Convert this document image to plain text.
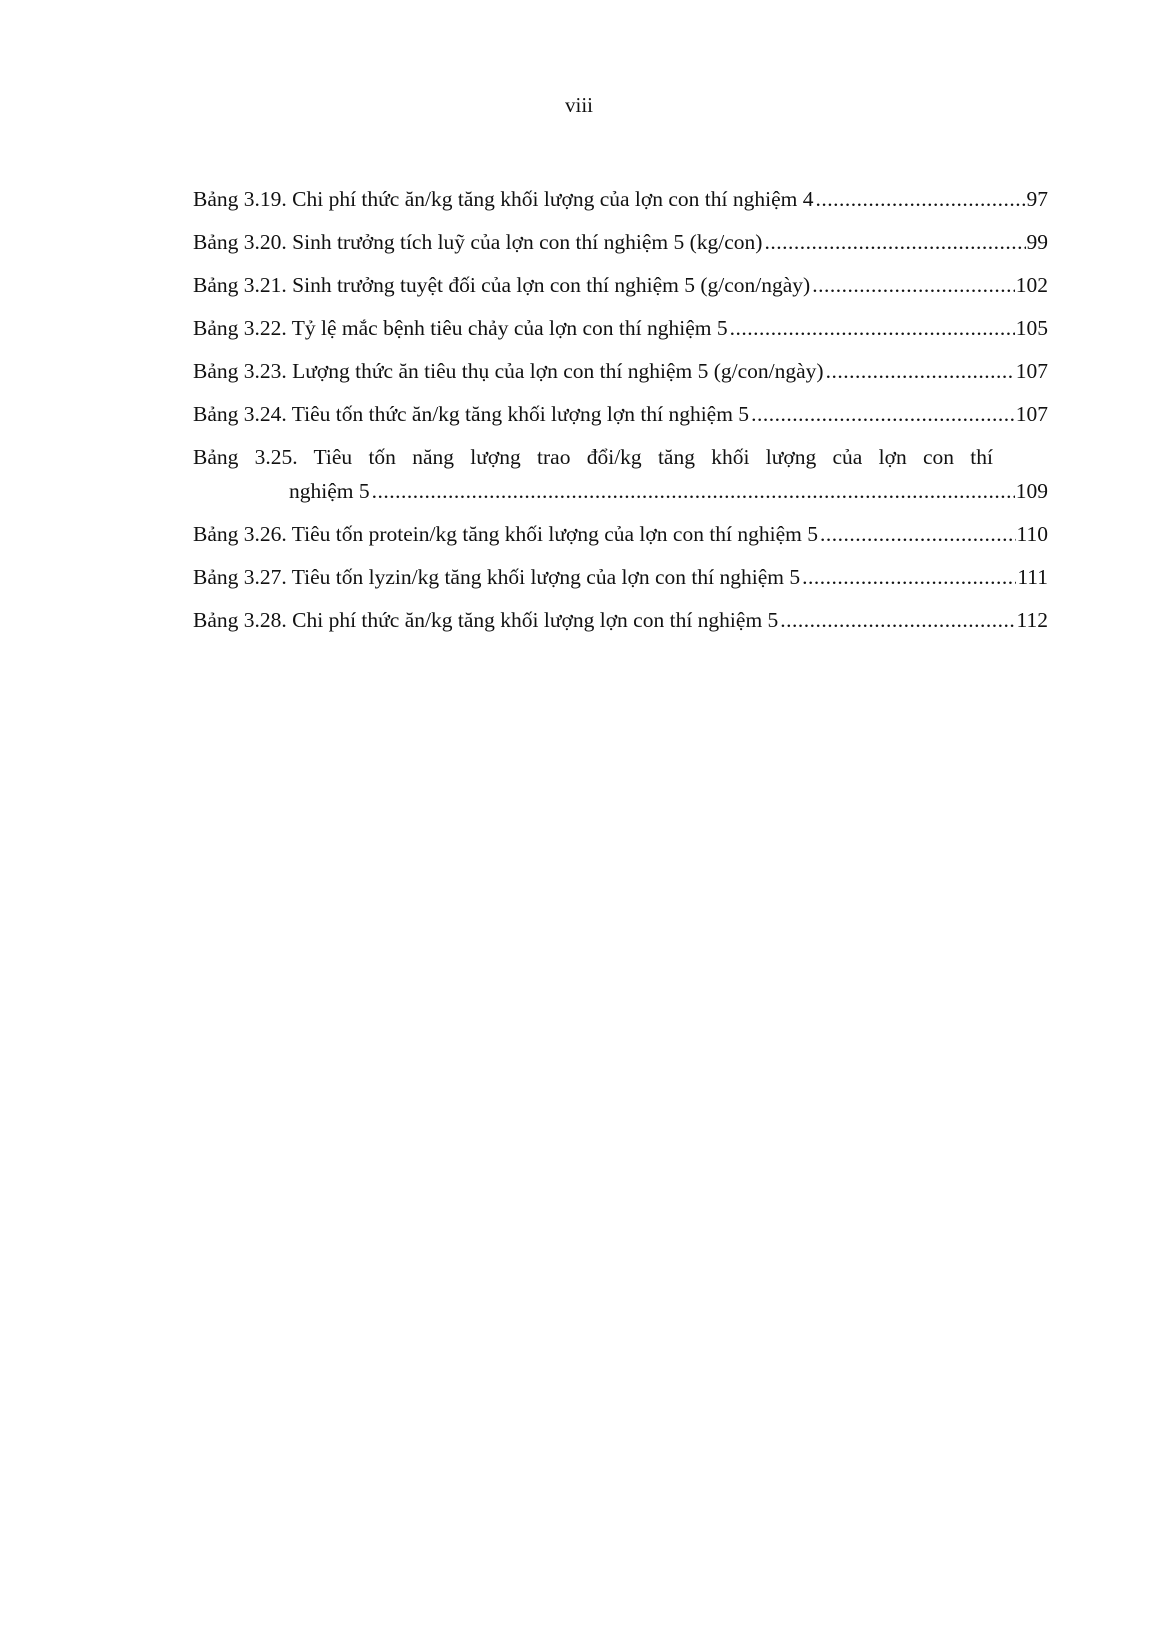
viii
Bảng 3.19. Chi phí thức ăn/kg tăng khối lượng của lợn con thí nghiệm 4 .....	97
Bảng 3.20. Sinh trưởng tích luỹ của lợn con thí nghiệm 5 (kg/con) .....	99
Bảng 3.21. Sinh trưởng tuyệt đối của lợn con thí nghiệm 5 (g/con/ngày) .....	102
Bảng 3.22. Tỷ lệ mắc bệnh tiêu chảy của lợn con thí nghiệm 5 .....	105
Bảng 3.23. Lượng thức ăn tiêu thụ của lợn con thí nghiệm 5 (g/con/ngày) .....	107
Bảng 3.24. Tiêu tốn thức ăn/kg tăng khối lượng lợn thí nghiệm 5 .....	107
Bảng 3.25. Tiêu tốn năng lượng trao đổi/kg tăng khối lượng của lợn con thí
nghiệm 5 .....	109
Bảng 3.26. Tiêu tốn protein/kg tăng khối lượng của lợn con thí nghiệm 5 .....	110
Bảng 3.27. Tiêu tốn lyzin/kg tăng khối lượng của lợn con thí nghiệm 5 .....	111
Bảng 3.28. Chi phí thức ăn/kg tăng khối lượng lợn con thí nghiệm 5 .....	112
